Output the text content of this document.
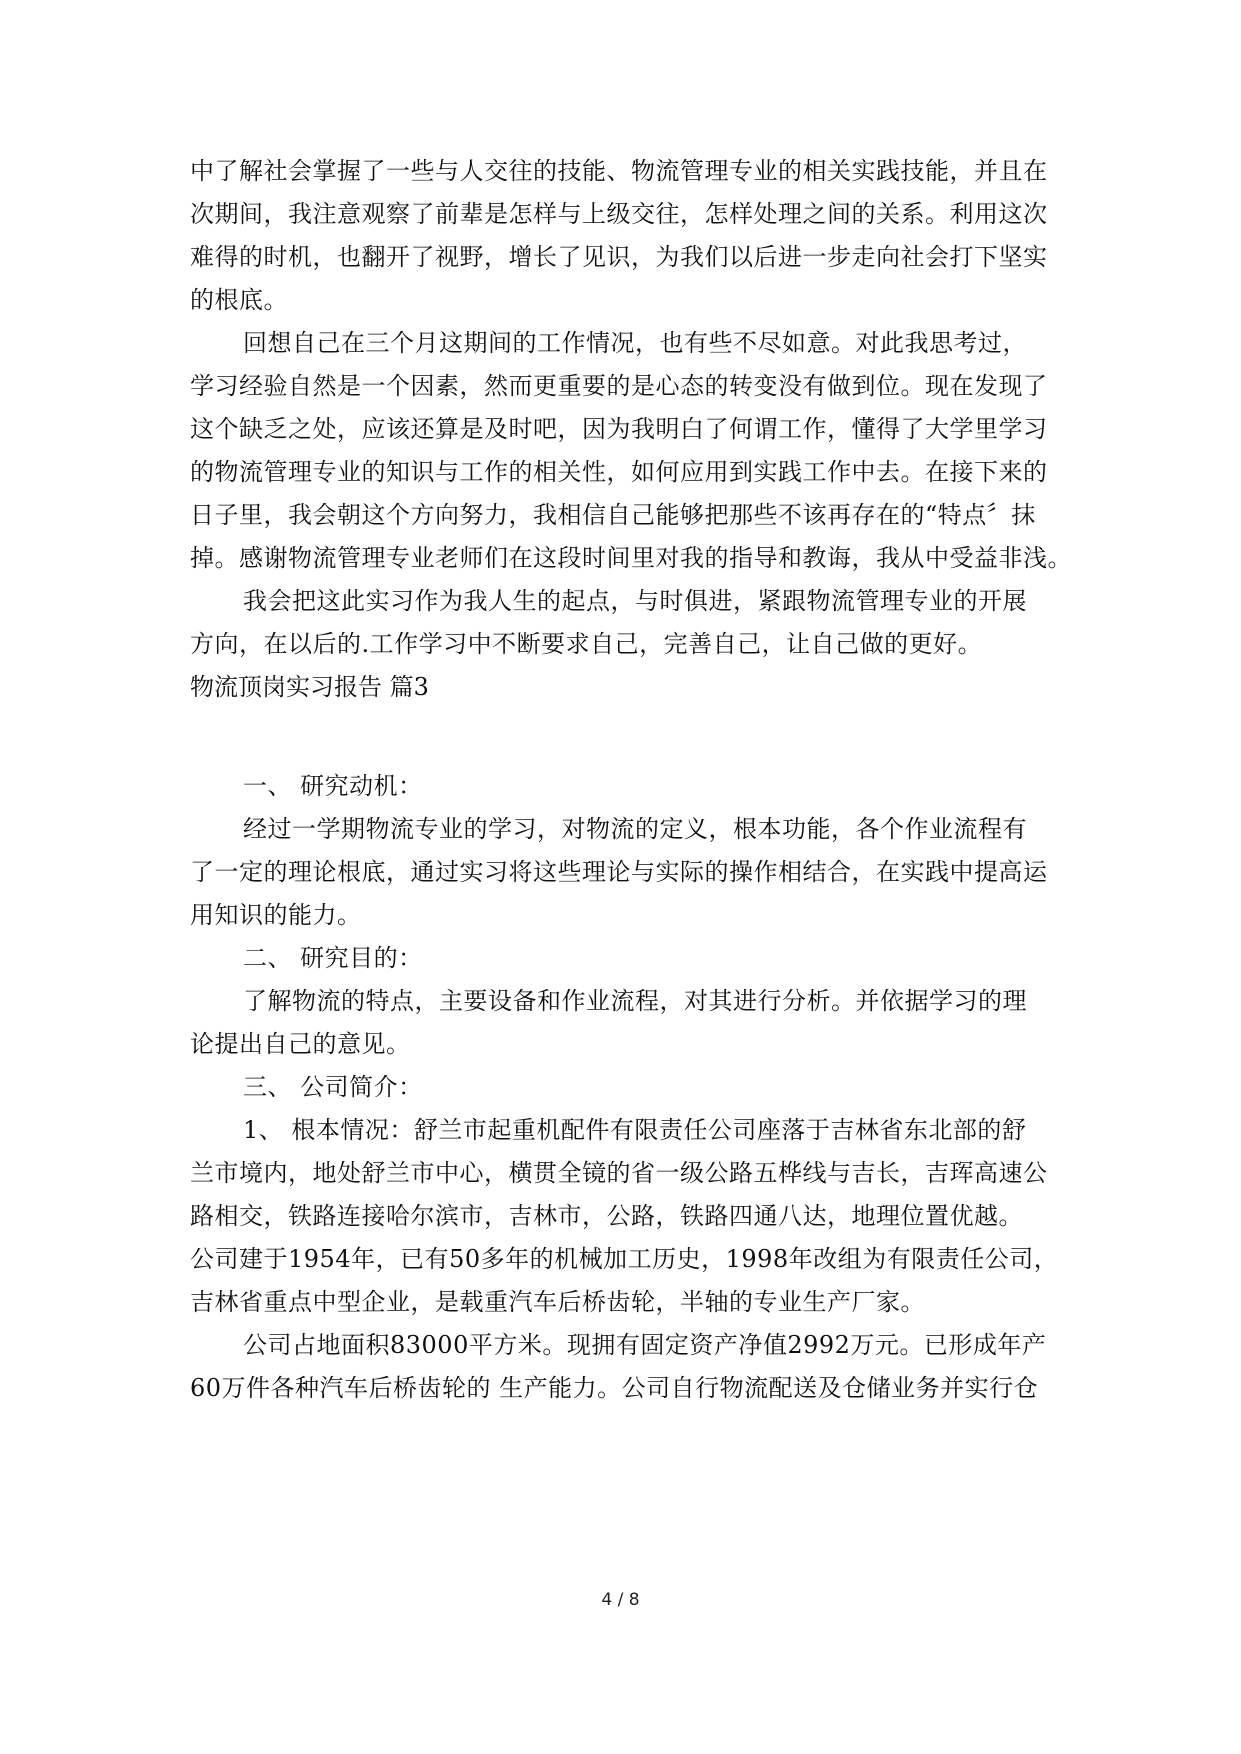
中了解社会掌握了一些与人交往的技能、物流管理专业的相关实践技能，并且在
次期间，我注意观察了前辈是怎样与上级交往，怎样处理之间的关系。利用这次
难得的时机，也翻开了视野，增长了见识，为我们以后进一步走向社会打下坚实
的根底。
回想自己在三个月这期间的工作情况，也有些不尽如意。对此我思考过，
学习经验自然是一个因素，然而更重要的是心态的转变没有做到位。现在发现了
这个缺乏之处，应该还算是及时吧，因为我明白了何谓工作，懂得了大学里学习
的物流管理专业的知识与工作的相关性，如何应用到实践工作中去。在接下来的
日子里，我会朝这个方向努力，我相信自己能够把那些不该再存在的“特点〞抹
掉。感谢物流管理专业老师们在这段时间里对我的指导和教诲，我从中受益非浅。
我会把这此实习作为我人生的起点，与时俱进，紧跟物流管理专业的开展
方向，在以后的.工作学习中不断要求自己，完善自己，让自己做的更好。
物流顶岗实习报告 篇3
一、 研究动机：
经过一学期物流专业的学习，对物流的定义，根本功能，各个作业流程有
了一定的理论根底，通过实习将这些理论与实际的操作相结合，在实践中提高运
用知识的能力。
二、 研究目的：
了解物流的特点，主要设备和作业流程，对其进行分析。并依据学习的理
论提出自己的意见。
三、 公司简介：
1、 根本情况：舒兰市起重机配件有限责任公司座落于吉林省东北部的舒
兰市境内，地处舒兰市中心，横贯全镜的省一级公路五桦线与吉长，吉珲高速公
路相交，铁路连接哈尔滨市，吉林市，公路，铁路四通八达，地理位置优越。
公司建于1954年，已有50多年的机械加工历史，1998年改组为有限责任公司，
吉林省重点中型企业，是载重汽车后桥齿轮，半轴的专业生产厂家。
公司占地面积83000平方米。现拥有固定资产净值2992万元。已形成年产
60万件各种汽车后桥齿轮的 生产能力。公司自行物流配送及仓储业务并实行仓
4 / 8
